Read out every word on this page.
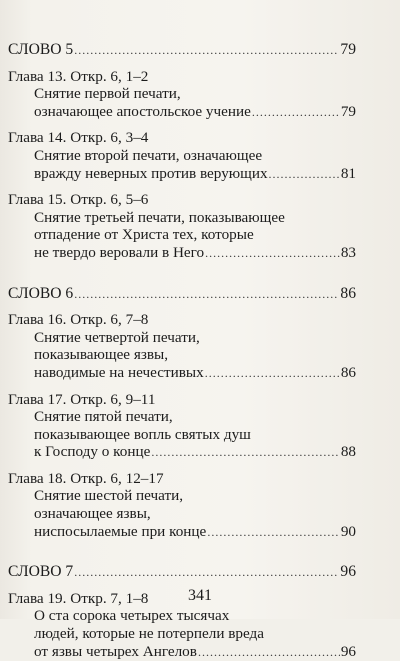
СЛОВО 5 .....	79
Глава 13. Откр. 6, 1–2
Снятие первой печати,
означающее апостольское учение .....	79
Глава 14. Откр. 6, 3–4
Снятие второй печати, означающее
вражду неверных против верующих .....	81
Глава 15. Откр. 6, 5–6
Снятие третьей печати, показывающее
отпадение от Христа тех, которые
не твердо веровали в Него .....	83
СЛОВО 6 .....	86
Глава 16. Откр. 6, 7–8
Снятие четвертой печати,
показывающее язвы,
наводимые на нечестивых .....	86
Глава 17. Откр. 6, 9–11
Снятие пятой печати,
показывающее вопль святых душ
к Господу о конце .....	88
Глава 18. Откр. 6, 12–17
Снятие шестой печати,
означающее язвы,
ниспосылаемые при конце .....	90
СЛОВО 7 .....	96
Глава 19. Откр. 7, 1–8
О ста сорока четырех тысячах
людей, которые не потерпели вреда
от язвы четырех Ангелов .....	96
341
